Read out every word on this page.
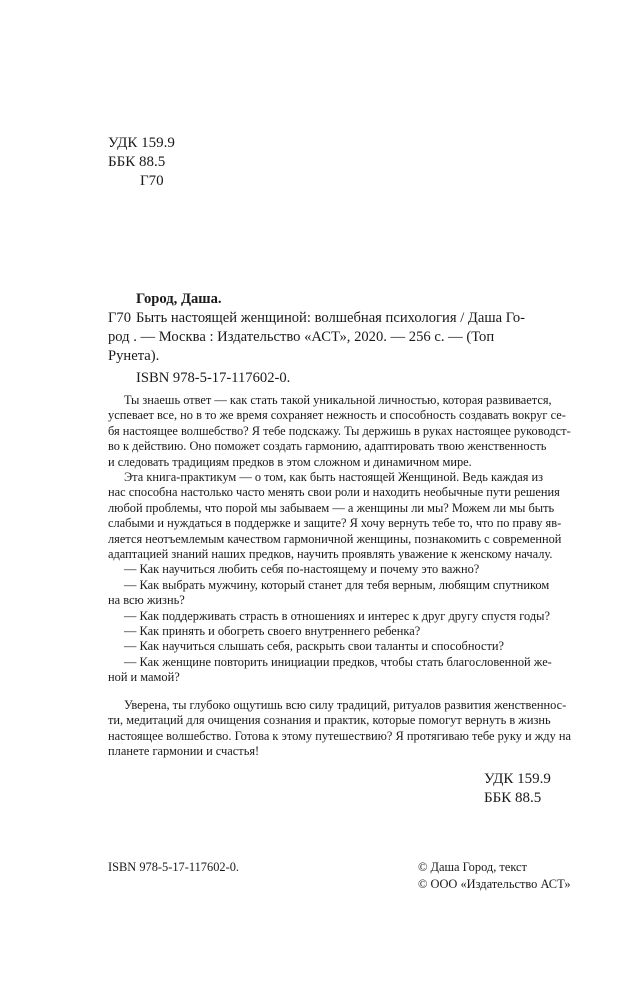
УДК 159.9
ББК 88.5
Г70
Город, Даша.
Г70 Быть настоящей женщиной: волшебная психология / Даша Го-
род . — Москва : Издательство «АСТ», 2020. — 256 с. — (Топ
Рунета).
ISBN 978-5-17-117602-0.
Ты знаешь ответ — как стать такой уникальной личностью, которая развивается,
успевает все, но в то же время сохраняет нежность и способность создавать вокруг се-
бя настоящее волшебство? Я тебе подскажу. Ты держишь в руках настоящее руководст-
во к действию. Оно поможет создать гармонию, адаптировать твою женственность
и следовать традициям предков в этом сложном и динамичном мире.
Эта книга-практикум — о том, как быть настоящей Женщиной. Ведь каждая из
нас способна настолько часто менять свои роли и находить необычные пути решения
любой проблемы, что порой мы забываем — а женщины ли мы? Можем ли мы быть
слабыми и нуждаться в поддержке и защите? Я хочу вернуть тебе то, что по праву яв-
ляется неотъемлемым качеством гармоничной женщины, познакомить с современной
адаптацией знаний наших предков, научить проявлять уважение к женскому началу.
— Как научиться любить себя по-настоящему и почему это важно?
— Как выбрать мужчину, который станет для тебя верным, любящим спутником
на всю жизнь?
— Как поддерживать страсть в отношениях и интерес к друг другу спустя годы?
— Как принять и обогреть своего внутреннего ребенка?
— Как научиться слышать себя, раскрыть свои таланты и способности?
— Как женщине повторить инициации предков, чтобы стать благословенной же-
ной и мамой?
Уверена, ты глубоко ощутишь всю силу традиций, ритуалов развития женственнос-
ти, медитаций для очищения сознания и практик, которые помогут вернуть в жизнь
настоящее волшебство. Готова к этому путешествию? Я протягиваю тебе руку и жду на
планете гармонии и счастья!
УДК 159.9
ББК 88.5
ISBN 978-5-17-117602-0.	© Даша Город, текст
© ООО «Издательство АСТ»
